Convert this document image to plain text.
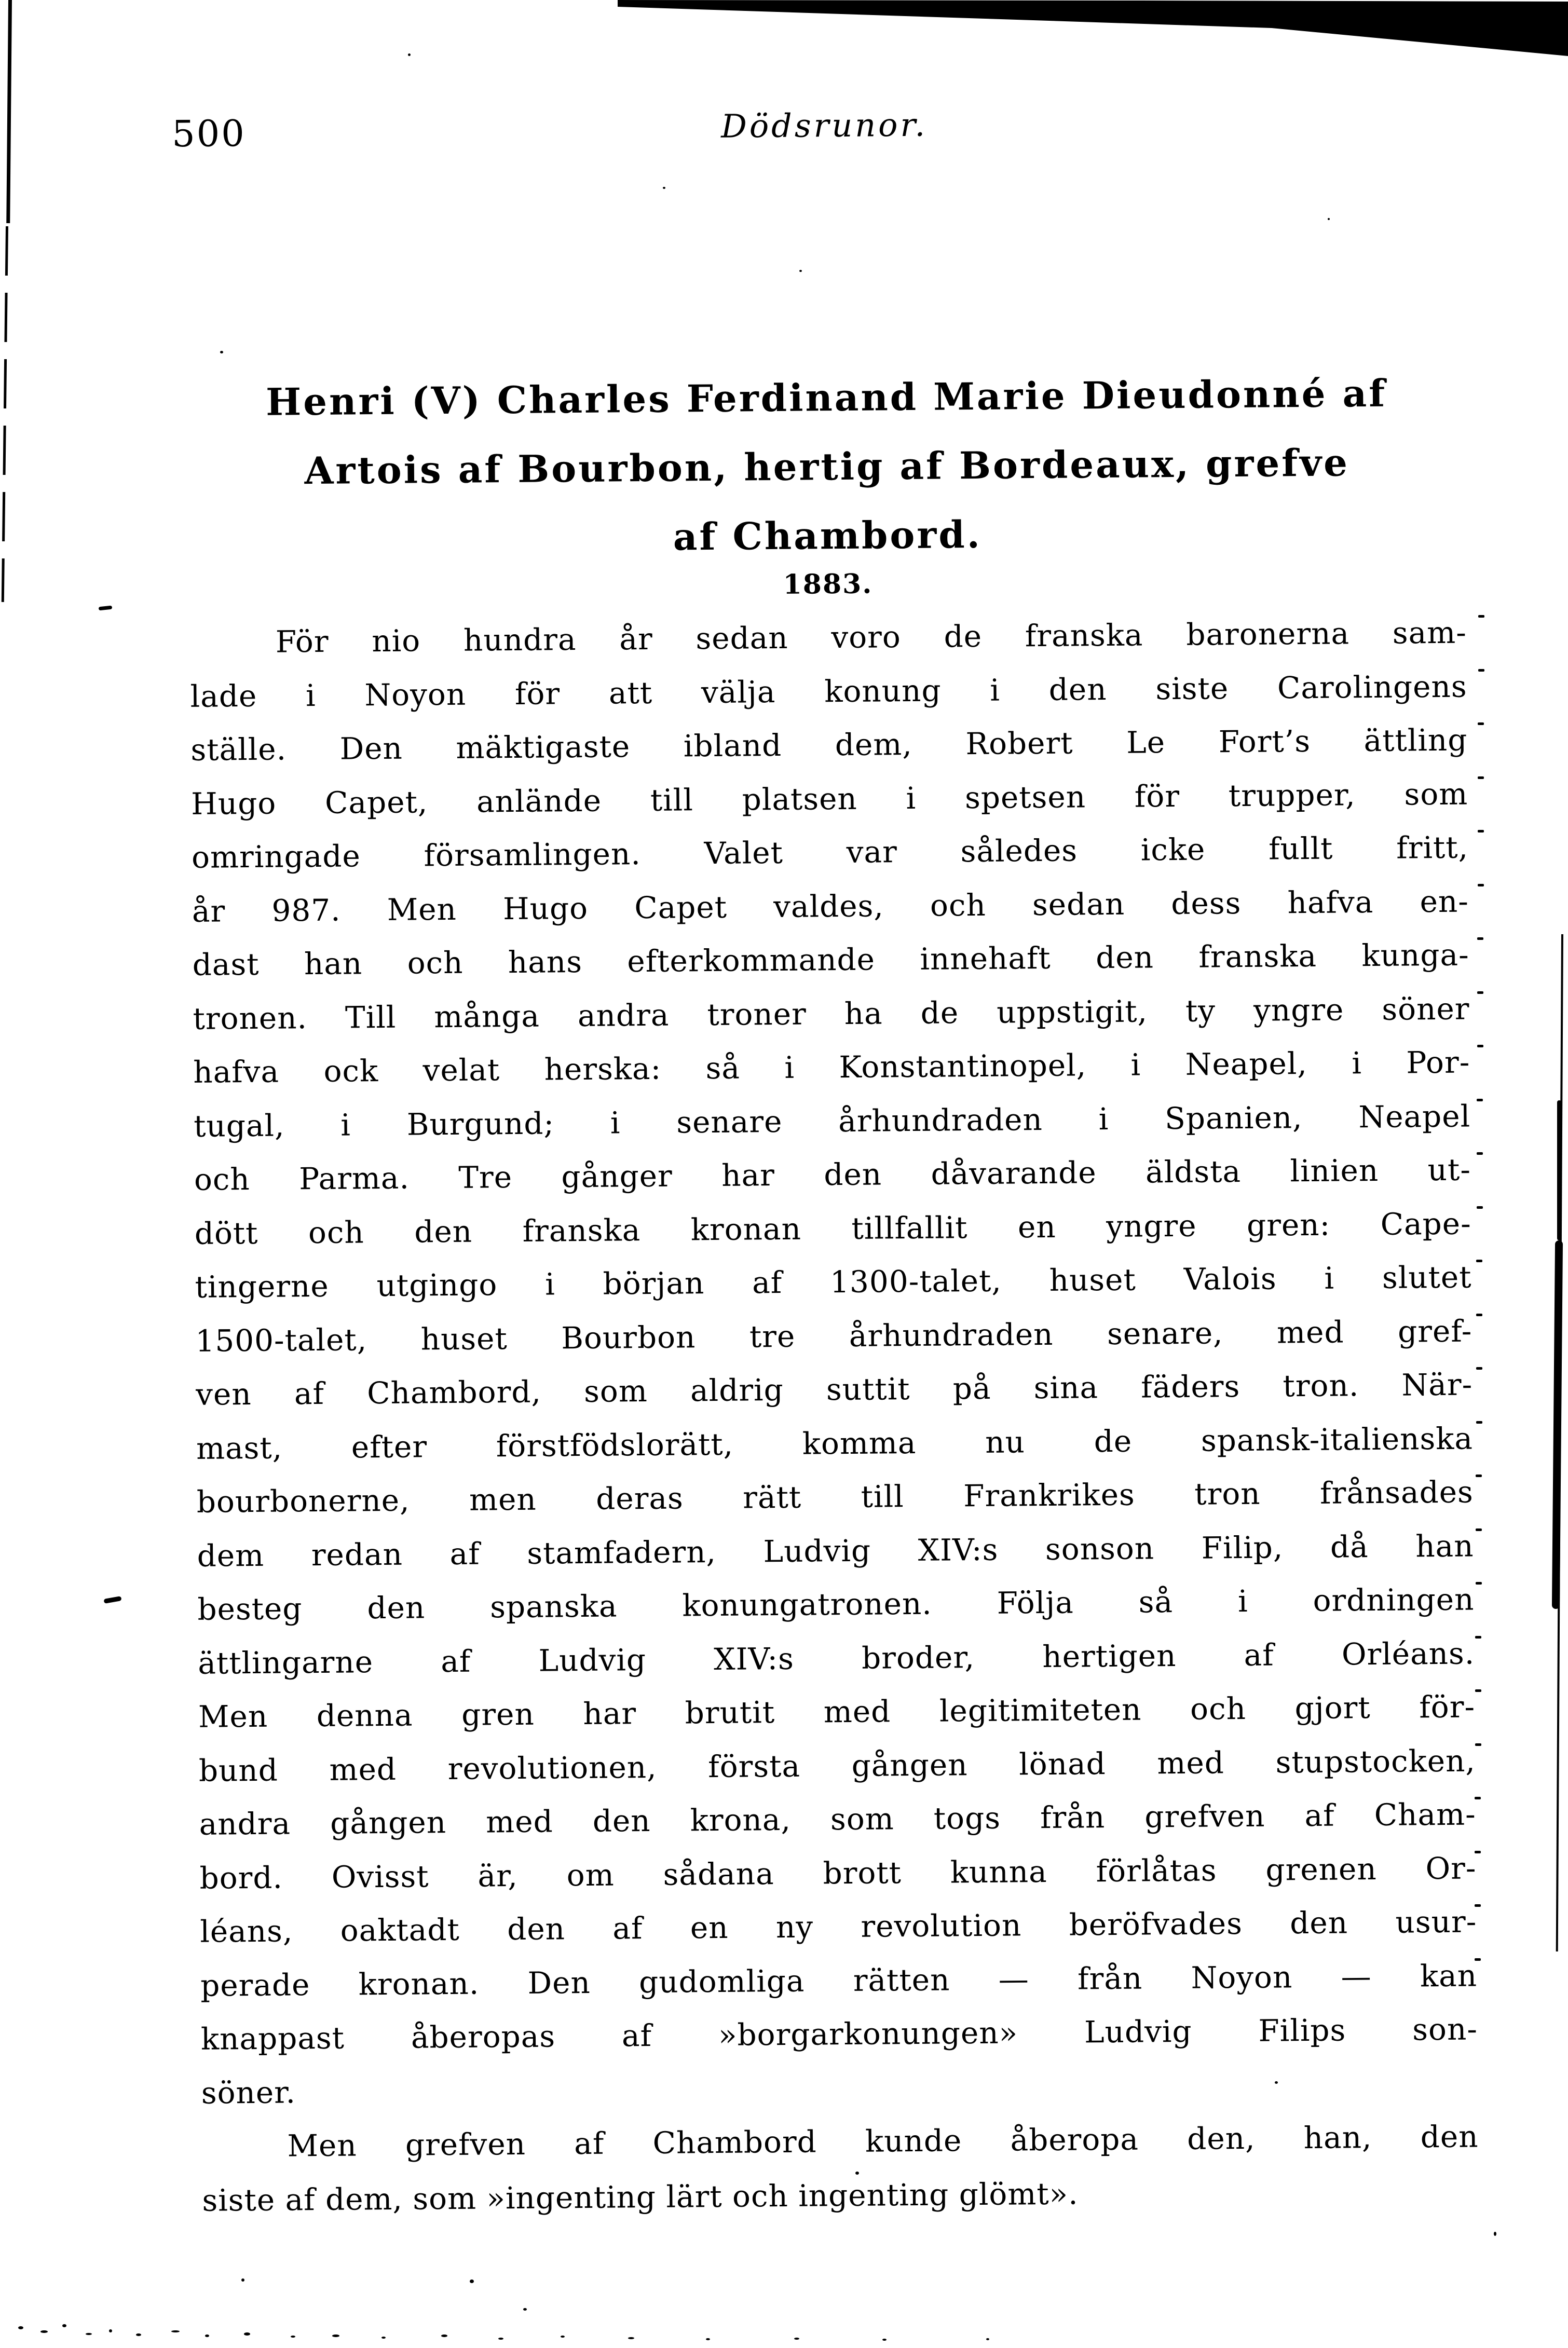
500	Dödsrunor.
Henri (V) Charles Ferdinand Marie Dieudonné af
Artois af Bourbon, hertig af Bordeaux, grefve
af Chambord.
1883.
För nio hundra år sedan voro de franska baronerna sam-
lade i Noyon för att välja konung i den siste Carolingens
ställe. Den mäktigaste ibland dem, Robert Le Fort’s ättling
Hugo Capet, anlände till platsen i spetsen för trupper, som
omringade församlingen. Valet var således icke fullt fritt,
år 987. Men Hugo Capet valdes, och sedan dess hafva en-
dast han och hans efterkommande innehaft den franska kunga-
tronen. Till många andra troner ha de uppstigit, ty yngre söner
hafva ock velat herska: så i Konstantinopel, i Neapel, i Por-
tugal, i Burgund; i senare århundraden i Spanien, Neapel
och Parma. Tre gånger har den dåvarande äldsta linien ut-
dött och den franska kronan tillfallit en yngre gren: Cape-
tingerne utgingo i början af 1300-talet, huset Valois i slutet
1500-talet, huset Bourbon tre århundraden senare, med gref-
ven af Chambord, som aldrig suttit på sina fäders tron. När-
mast, efter förstfödslorätt, komma nu de spansk-italienska
bourbonerne, men deras rätt till Frankrikes tron frånsades
dem redan af stamfadern, Ludvig XIV:s sonson Filip, då han
besteg den spanska konungatronen. Följa så i ordningen
ättlingarne af Ludvig XIV:s broder, hertigen af Orléans.
Men denna gren har brutit med legitimiteten och gjort för-
bund med revolutionen, första gången lönad med stupstocken,
andra gången med den krona, som togs från grefven af Cham-
bord. Ovisst är, om sådana brott kunna förlåtas grenen Or-
léans, oaktadt den af en ny revolution beröfvades den usur-
perade kronan. Den gudomliga rätten — från Noyon — kan
knappast åberopas af »borgarkonungen» Ludvig Filips son-
söner.
Men grefven af Chambord kunde åberopa den, han, den
siste af dem, som »ingenting lärt och ingenting glömt».
